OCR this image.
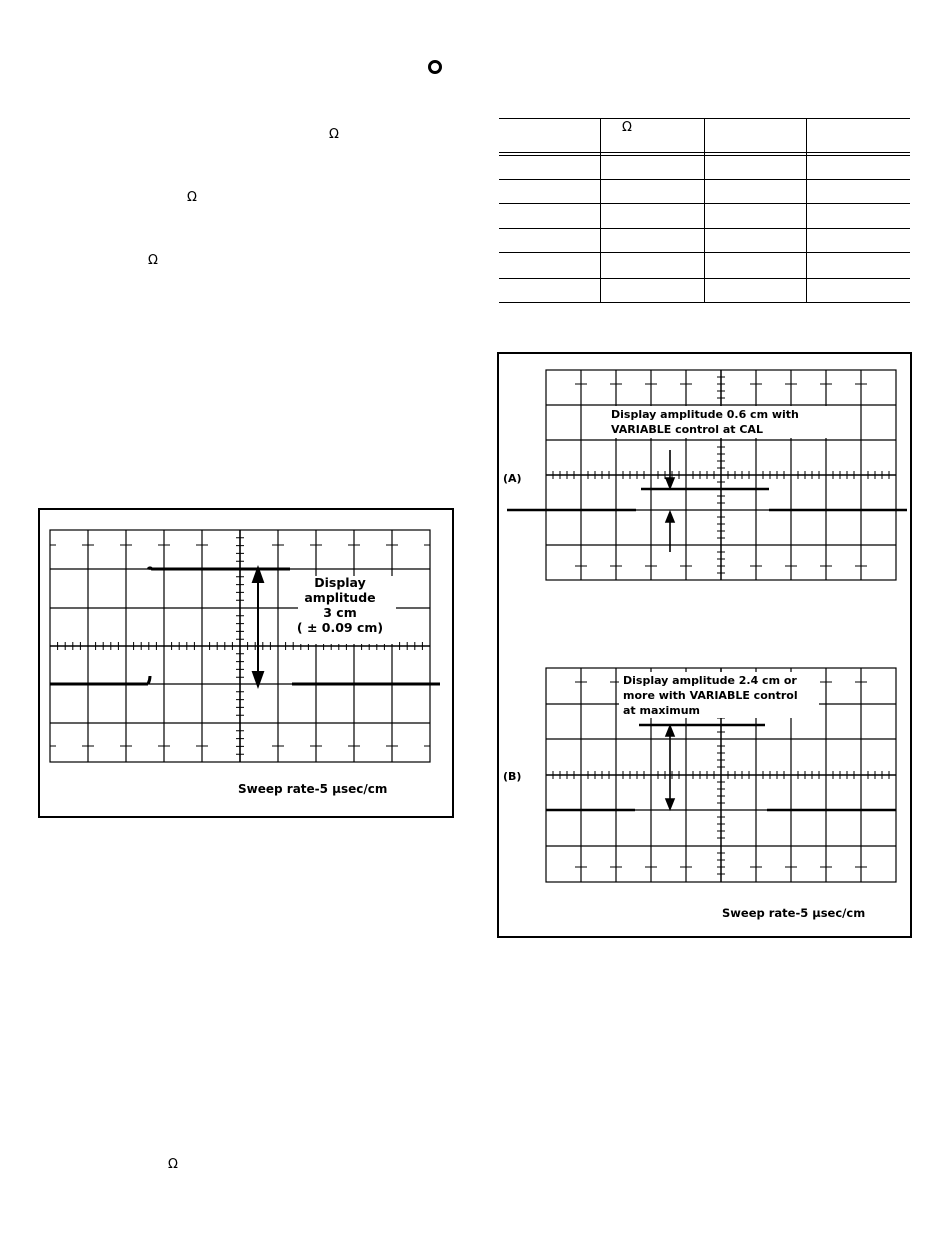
Ω
Ω
Ω
Ω
Ω
Display
amplitude
3 cm
( ± 0.09 cm)
Sweep rate-5 µsec/cm
Display amplitude 0.6 cm with
VARIABLE control at CAL
(A)
Display amplitude 2.4 cm or
more with VARIABLE control
at maximum
(B)
Sweep rate-5 µsec/cm
